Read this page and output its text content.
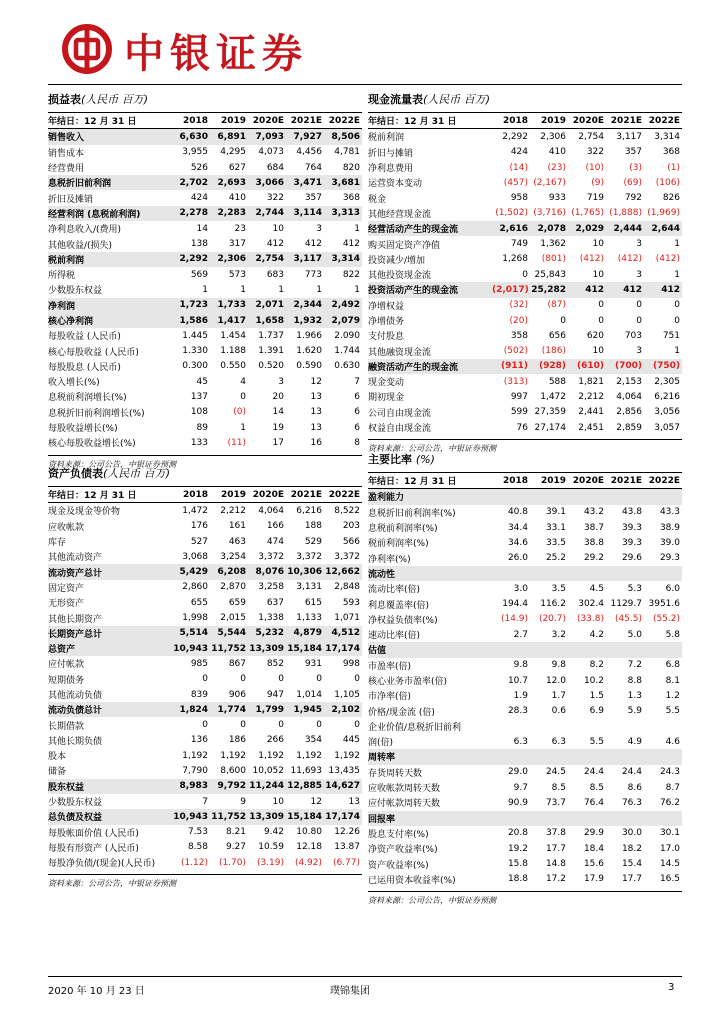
中银证券
损益表(人民币 百万)
年结日：12 月 31 日	2018	2019	2020E	2021E	2022E
销售收入	6,630	6,891	7,093	7,927	8,506
销售成本	3,955	4,295	4,073	4,456	4,781
经营费用	526	627	684	764	820
息税折旧前利润	2,702	2,693	3,066	3,471	3,681
折旧及摊销	424	410	322	357	368
经营利润 (息税前利润)	2,278	2,283	2,744	3,114	3,313
净利息收入/(费用)	14	23	10	3	1
其他收益/(损失)	138	317	412	412	412
税前利润	2,292	2,306	2,754	3,117	3,314
所得税	569	573	683	773	822
少数股东权益	1	1	1	1	1
净利润	1,723	1,733	2,071	2,344	2,492
核心净利润	1,586	1,417	1,658	1,932	2,079
每股收益 (人民币)	1.445	1.454	1.737	1.966	2.090
核心每股收益 (人民币)	1.330	1.188	1.391	1.620	1.744
每股股息 (人民币)	0.300	0.550	0.520	0.590	0.630
收入增长(%)	45	4	3	12	7
息税前利润增长(%)	137	0	20	13	6
息税折旧前利润增长(%)	108	(0)	14	13	6
每股收益增长(%)	89	1	19	13	6
核心每股收益增长(%)	133	(11)	17	16	8
资料来源：公司公告，中银证券预测
现金流量表(人民币 百万)
年结日：12 月 31 日	2018	2019	2020E	2021E	2022E
税前利润	2,292	2,306	2,754	3,117	3,314
折旧与摊销	424	410	322	357	368
净利息费用	(14)	(23)	(10)	(3)	(1)
运营资本变动	(457)	(2,167)	(9)	(69)	(106)
税金	958	933	719	792	826
其他经营现金流	(1,502)	(3,716)	(1,765)	(1,888)	(1,969)
经营活动产生的现金流	2,616	2,078	2,029	2,444	2,644
购买固定资产净值	749	1,362	10	3	1
投资减少/增加	1,268	(801)	(412)	(412)	(412)
其他投资现金流	0	25,843	10	3	1
投资活动产生的现金流	(2,017)	25,282	412	412	412
净增权益	(32)	(87)	0	0	0
净增债务	(20)	0	0	0	0
支付股息	358	656	620	703	751
其他融资现金流	(502)	(186)	10	3	1
融资活动产生的现金流	(911)	(928)	(610)	(700)	(750)
现金变动	(313)	588	1,821	2,153	2,305
期初现金	997	1,472	2,212	4,064	6,216
公司自由现金流	599	27,359	2,441	2,856	3,056
权益自由现金流	76	27,174	2,451	2,859	3,057
资料来源：公司公告，中银证券预测
资产负债表(人民币 百万)
年结日：12 月 31 日	2018	2019	2020E	2021E	2022E
现金及现金等价物	1,472	2,212	4,064	6,216	8,522
应收帐款	176	161	166	188	203
库存	527	463	474	529	566
其他流动资产	3,068	3,254	3,372	3,372	3,372
流动资产总计	5,429	6,208	8,076	10,306	12,662
固定资产	2,860	2,870	3,258	3,131	2,848
无形资产	655	659	637	615	593
其他长期资产	1,998	2,015	1,338	1,133	1,071
长期资产总计	5,514	5,544	5,232	4,879	4,512
总资产	10,943	11,752	13,309	15,184	17,174
应付帐款	985	867	852	931	998
短期债务	0	0	0	0	0
其他流动负债	839	906	947	1,014	1,105
流动负债总计	1,824	1,774	1,799	1,945	2,102
长期借款	0	0	0	0	0
其他长期负债	136	186	266	354	445
股本	1,192	1,192	1,192	1,192	1,192
储备	7,790	8,600	10,052	11,693	13,435
股东权益	8,983	9,792	11,244	12,885	14,627
少数股东权益	7	9	10	12	13
总负债及权益	10,943	11,752	13,309	15,184	17,174
每股帐面价值 (人民币)	7.53	8.21	9.42	10.80	12.26
每股有形资产 (人民币)	8.58	9.27	10.59	12.18	13.87
每股净负债/(现金)(人民币)	(1.12)	(1.70)	(3.19)	(4.92)	(6.77)
资料来源：公司公告，中银证券预测
主要比率 (%)
年结日：12 月 31 日	2018	2019	2020E	2021E	2022E
盈利能力					
息税折旧前利润率(%)	40.8	39.1	43.2	43.8	43.3
息税前利润率(%)	34.4	33.1	38.7	39.3	38.9
税前利润率(%)	34.6	33.5	38.8	39.3	39.0
净利率(%)	26.0	25.2	29.2	29.6	29.3
流动性					
流动比率(倍)	3.0	3.5	4.5	5.3	6.0
利息覆盖率(倍)	194.4	116.2	302.4	1129.7	3951.6
净权益负债率(%)	(14.9)	(20.7)	(33.8)	(45.5)	(55.2)
速动比率(倍)	2.7	3.2	4.2	5.0	5.8
估值					
市盈率(倍)	9.8	9.8	8.2	7.2	6.8
核心业务市盈率(倍)	10.7	12.0	10.2	8.8	8.1
市净率(倍)	1.9	1.7	1.5	1.3	1.2
价格/现金流 (倍)	28.3	0.6	6.9	5.9	5.5
企业价值/息税折旧前利					
润(倍)	6.3	6.3	5.5	4.9	4.6
周转率					
存货周转天数	29.0	24.5	24.4	24.4	24.3
应收帐款周转天数	9.7	8.5	8.5	8.6	8.7
应付帐款周转天数	90.9	73.7	76.4	76.3	76.2
回报率					
股息支付率(%)	20.8	37.8	29.9	30.0	30.1
净资产收益率(%)	19.2	17.7	18.4	18.2	17.0
资产收益率(%)	15.8	14.8	15.6	15.4	14.5
已运用资本收益率(%)	18.8	17.2	17.9	17.7	16.5
资料来源：公司公告，中银证券预测
2020 年 10 月 23 日	璞锦集团	3
